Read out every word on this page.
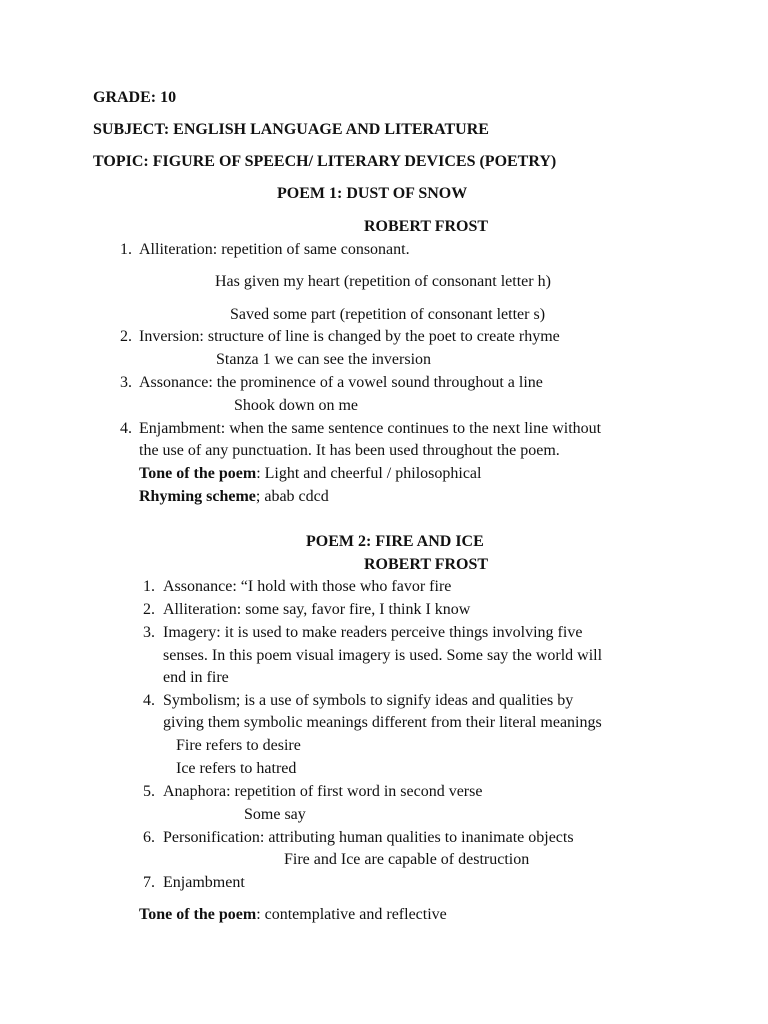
GRADE: 10
SUBJECT: ENGLISH LANGUAGE AND LITERATURE
TOPIC: FIGURE OF SPEECH/ LITERARY DEVICES (POETRY)
POEM 1: DUST OF SNOW
ROBERT FROST
1. Alliteration: repetition of same consonant.
Has given my heart (repetition of consonant letter h)
Saved some part (repetition of consonant letter s)
2. Inversion: structure of line is changed by the poet to create rhyme
Stanza 1 we can see the inversion
3. Assonance: the prominence of a vowel sound throughout a line
Shook down on me
4. Enjambment: when the same sentence continues to the next line without
the use of any punctuation. It has been used throughout the poem.
Tone of the poem: Light and cheerful / philosophical
Rhyming scheme; abab cdcd
POEM 2: FIRE AND ICE
ROBERT FROST
1. Assonance: “I hold with those who favor fire
2. Alliteration: some say, favor fire, I think I know
3. Imagery: it is used to make readers perceive things involving five
senses. In this poem visual imagery is used. Some say the world will
end in fire
4. Symbolism; is a use of symbols to signify ideas and qualities by
giving them symbolic meanings different from their literal meanings
Fire refers to desire
Ice refers to hatred
5. Anaphora: repetition of first word in second verse
Some say
6. Personification: attributing human qualities to inanimate objects
Fire and Ice are capable of destruction
7. Enjambment
Tone of the poem: contemplative and reflective
